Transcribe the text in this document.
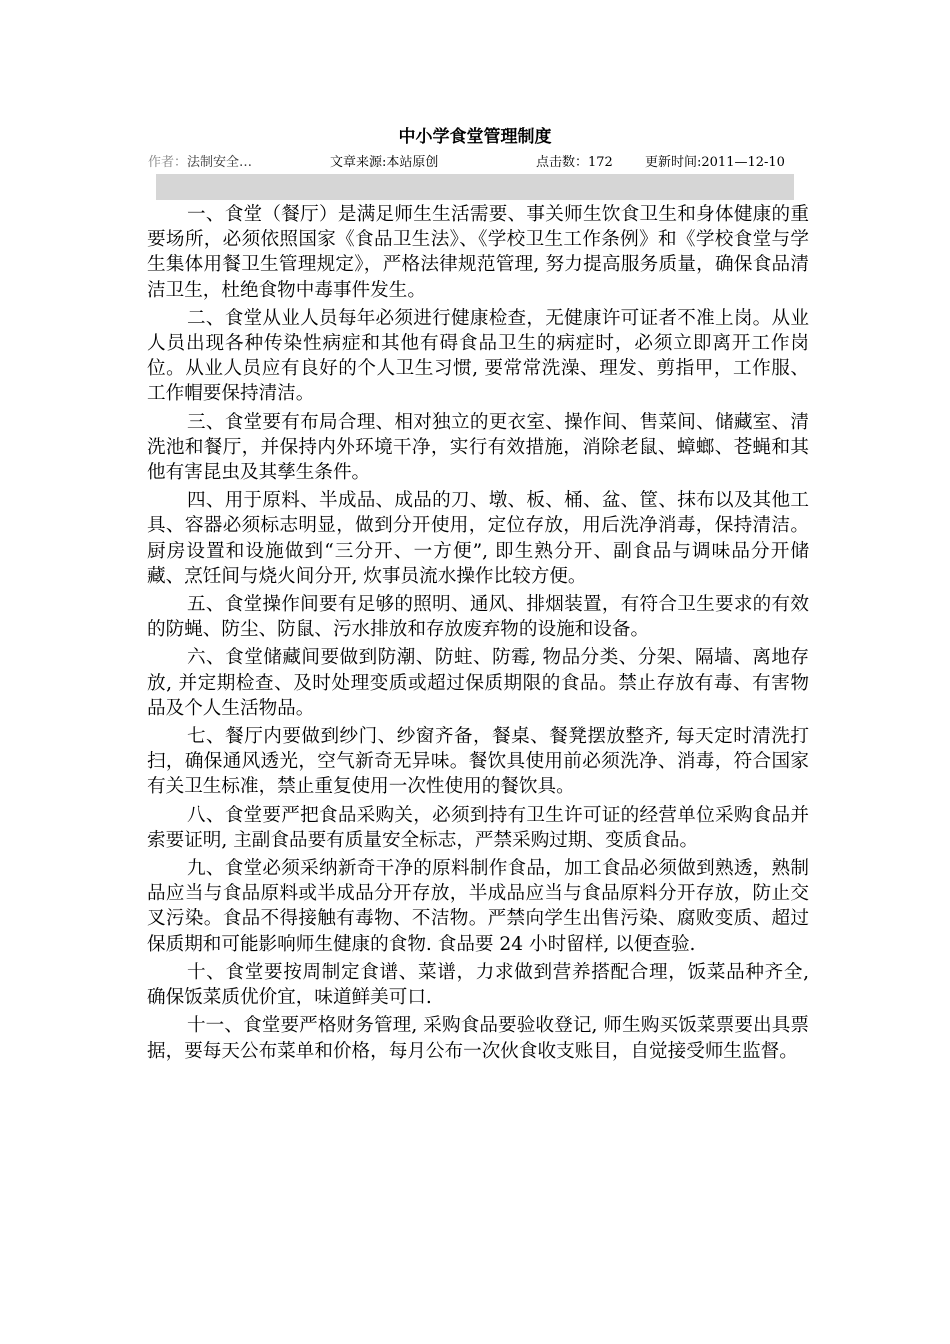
中小学食堂管理制度
作者：法制安全…	文章来源:本站原创	点击数：172 更新时间:2011—12-10

一、食堂（餐厅）是满足师生生活需要、事关师生饮食卫生和身体健康的重要场所，必须依照国家《食品卫生法》、《学校卫生工作条例》和《学校食堂与学生集体用餐卫生管理规定》，严格法律规范管理, 努力提高服务质量，确保食品清洁卫生，杜绝食物中毒事件发生。

二、食堂从业人员每年必须进行健康检查，无健康许可证者不准上岗。从业人员出现各种传染性病症和其他有碍食品卫生的病症时，必须立即离开工作岗位。从业人员应有良好的个人卫生习惯, 要常常洗澡、理发、剪指甲，工作服、工作帽要保持清洁。

三、食堂要有布局合理、相对独立的更衣室、操作间、售菜间、储藏室、清洗池和餐厅，并保持内外环境干净，实行有效措施，消除老鼠、蟑螂、苍蝇和其他有害昆虫及其孳生条件。

四、用于原料、半成品、成品的刀、墩、板、桶、盆、筐、抹布以及其他工具、容器必须标志明显，做到分开使用，定位存放，用后洗净消毒，保持清洁。厨房设置和设施做到“三分开、一方便”, 即生熟分开、副食品与调味品分开储藏、烹饪间与烧火间分开, 炊事员流水操作比较方便。

五、食堂操作间要有足够的照明、通风、排烟装置，有符合卫生要求的有效的防蝇、防尘、防鼠、污水排放和存放废弃物的设施和设备。

六、食堂储藏间要做到防潮、防蛀、防霉, 物品分类、分架、隔墙、离地存放, 并定期检查、及时处理变质或超过保质期限的食品。禁止存放有毒、有害物品及个人生活物品。

七、餐厅内要做到纱门、纱窗齐备，餐桌、餐凳摆放整齐, 每天定时清洗打扫，确保通风透光，空气新奇无异味。餐饮具使用前必须洗净、消毒，符合国家有关卫生标准，禁止重复使用一次性使用的餐饮具。

八、食堂要严把食品采购关，必须到持有卫生许可证的经营单位采购食品并索要证明, 主副食品要有质量安全标志，严禁采购过期、变质食品。

九、食堂必须采纳新奇干净的原料制作食品，加工食品必须做到熟透，熟制品应当与食品原料或半成品分开存放，半成品应当与食品原料分开存放，防止交叉污染。食品不得接触有毒物、不洁物。严禁向学生出售污染、腐败变质、超过保质期和可能影响师生健康的食物. 食品要 24 小时留样, 以便查验.

十、食堂要按周制定食谱、菜谱，力求做到营养搭配合理，饭菜品种齐全, 确保饭菜质优价宜，味道鲜美可口.

十一、食堂要严格财务管理, 采购食品要验收登记, 师生购买饭菜票要出具票据，要每天公布菜单和价格，每月公布一次伙食收支账目，自觉接受师生监督。
